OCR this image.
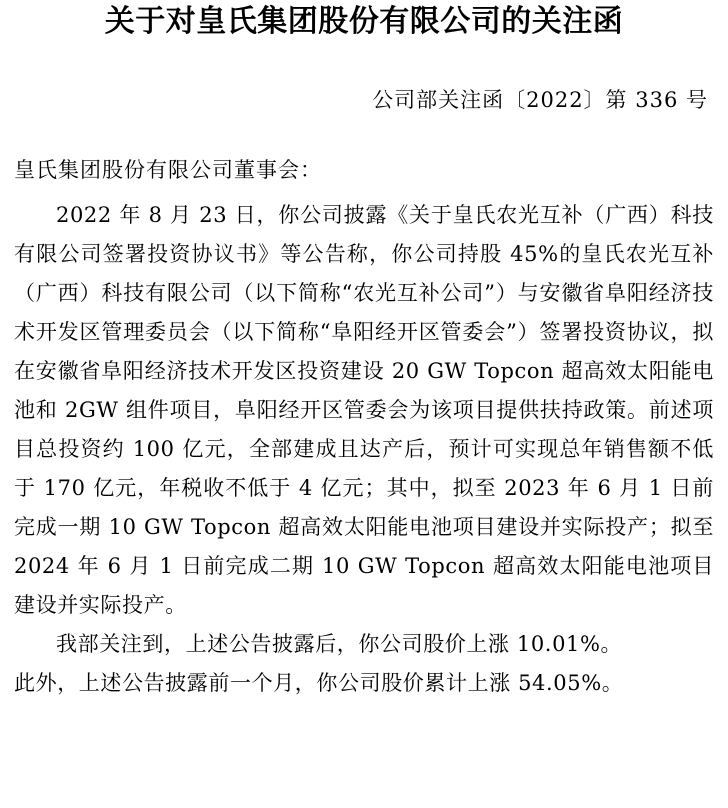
关于对皇氏集团股份有限公司的关注函
公司部关注函〔2022〕第 336 号
皇氏集团股份有限公司董事会：

2022 年 8 月 23 日，你公司披露《关于皇氏农光互补（广西）科技有限公司签署投资协议书》等公告称，你公司持股 45%的皇氏农光互补（广西）科技有限公司（以下简称“农光互补公司”）与安徽省阜阳经济技术开发区管理委员会（以下简称“阜阳经开区管委会”）签署投资协议，拟在安徽省阜阳经济技术开发区投资建设 20 GW Topcon 超高效太阳能电池和 2GW 组件项目，阜阳经开区管委会为该项目提供扶持政策。前述项目总投资约 100 亿元，全部建成且达产后，预计可实现总年销售额不低于 170 亿元，年税收不低于 4 亿元；其中，拟至 2023 年 6 月 1 日前完成一期 10 GW Topcon 超高效太阳能电池项目建设并实际投产；拟至 2024 年 6 月 1 日前完成二期 10 GW Topcon 超高效太阳能电池项目建设并实际投产。

我部关注到，上述公告披露后，你公司股价上涨 10.01%。

此外，上述公告披露前一个月，你公司股价累计上涨 54.05%。
